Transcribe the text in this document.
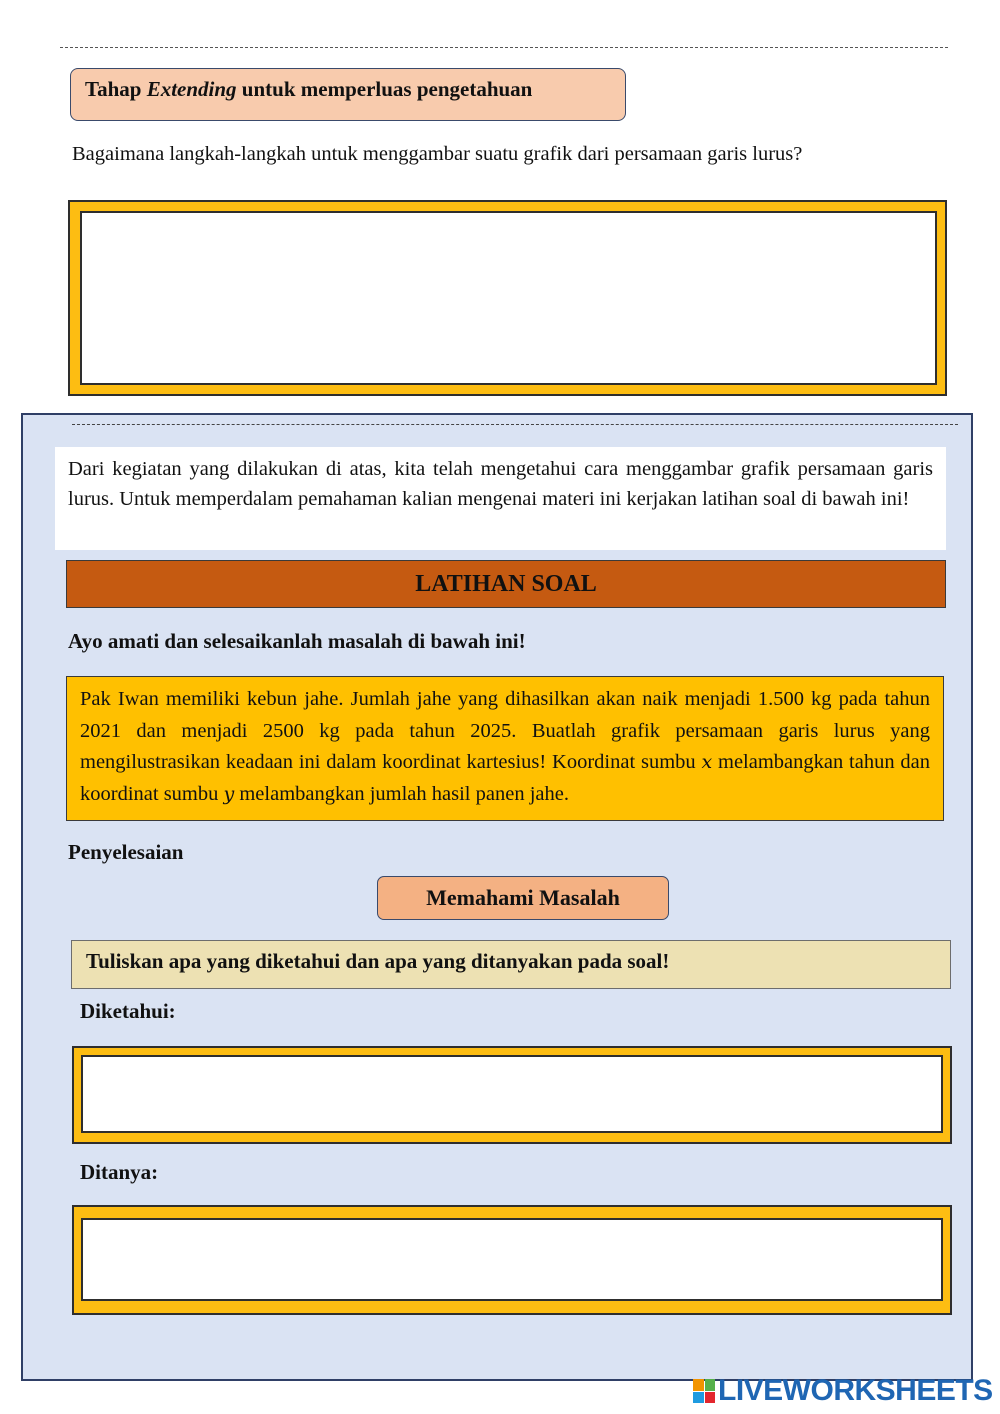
Tahap Extending untuk memperluas pengetahuan
Bagaimana langkah-langkah untuk menggambar suatu grafik dari persamaan garis lurus?
Dari kegiatan yang dilakukan di atas, kita telah mengetahui cara menggambar grafik persamaan garis lurus. Untuk memperdalam pemahaman kalian mengenai materi ini kerjakan latihan soal di bawah ini!
LATIHAN SOAL
Ayo amati dan selesaikanlah masalah di bawah ini!
Pak Iwan memiliki kebun jahe. Jumlah jahe yang dihasilkan akan naik menjadi 1.500 kg pada tahun 2021 dan menjadi 2500 kg pada tahun 2025. Buatlah grafik persamaan garis lurus yang mengilustrasikan keadaan ini dalam koordinat kartesius! Koordinat sumbu x melambangkan tahun dan koordinat sumbu y melambangkan jumlah hasil panen jahe.
Penyelesaian
Memahami Masalah
Tuliskan apa yang diketahui dan apa yang ditanyakan pada soal!
Diketahui:
Ditanya:
LIVEWORKSHEETS
